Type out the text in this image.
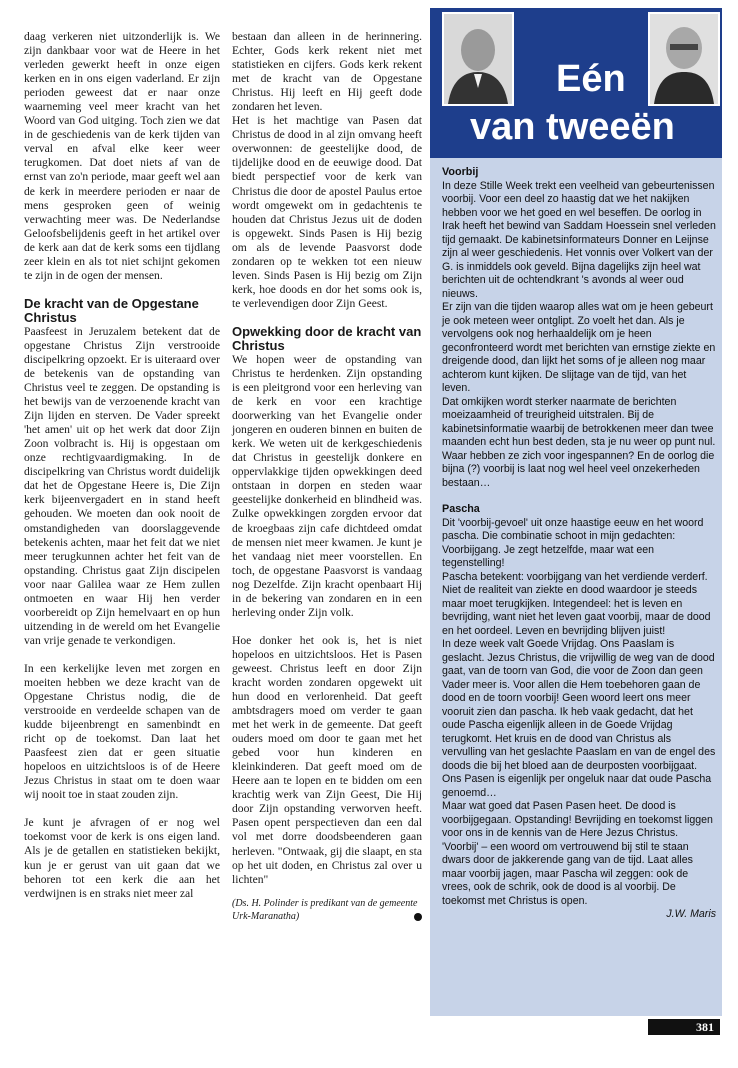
daag verkeren niet uitzonderlijk is. We zijn dankbaar voor wat de Heere in het verleden gewerkt heeft in onze eigen kerken en in ons eigen vaderland. Er zijn perioden geweest dat er naar onze waarneming veel meer kracht van het Woord van God uitging. Toch zien we dat in de geschiedenis van de kerk tijden van verval en afval elke keer weer terugkomen. Dat doet niets af van de ernst van zo'n periode, maar geeft wel aan de kerk in meerdere perioden er naar de mens gesproken geen of weinig verwachting meer was. De Nederlandse Geloofsbelijdenis geeft in het artikel over de kerk aan dat de kerk soms een tijdlang zeer klein en als tot niet schijnt gekomen te zijn in de ogen der mensen.

De kracht van de Opgestane Christus

Paasfeest in Jeruzalem betekent dat de opgestane Christus Zijn verstrooide discipelkring opzoekt. Er is uiteraard over de betekenis van de opstanding van Christus veel te zeggen. De opstanding is het bewijs van de verzoenende kracht van Zijn lijden en sterven. De Vader spreekt 'het amen' uit op het werk dat door Zijn Zoon volbracht is. Hij is opgestaan om onze rechtigvaardigmaking. In de discipelkring van Christus wordt duidelijk dat het de Opgestane Heere is, Die Zijn kerk bijeenvergadert en in stand heeft gehouden. We moeten dan ook nooit de omstandigheden van doorslaggevende betekenis achten, maar het feit dat we niet meer terugkunnen achter het feit van de opstanding. Christus gaat Zijn discipelen voor naar Galilea waar ze Hem zullen ontmoeten en waar Hij hen verder voorbereidt op Zijn hemelvaart en op hun uitzending in de wereld om het Evangelie van vrije genade te verkondigen.

In een kerkelijke leven met zorgen en moeiten hebben we deze kracht van de Opgestane Christus nodig, die de verstrooide en verdeelde schapen van de kudde bijeenbrengt en samenbindt en richt op de toekomst. Dan laat het Paasfeest zien dat er geen situatie hopeloos en uitzichtsloos is of de Heere Jezus Christus in staat om te doen waar wij nooit toe in staat zouden zijn.

Je kunt je afvragen of er nog wel toekomst voor de kerk is ons eigen land. Als je de getallen en statistieken bekijkt, kun je er gerust van uit gaan dat we behoren tot een kerk die aan het verdwijnen is en straks niet meer zal

bestaan dan alleen in de herinnering. Echter, Gods kerk rekent niet met statistieken en cijfers. Gods kerk rekent met de kracht van de Opgestane Christus. Hij leeft en Hij geeft dode zondaren het leven.

Het is het machtige van Pasen dat Christus de dood in al zijn omvang heeft overwonnen: de geestelijke dood, de tijdelijke dood en de eeuwige dood. Dat biedt perspectief voor de kerk van Christus die door de apostel Paulus ertoe wordt omgewekt om in gedachtenis te houden dat Christus Jezus uit de doden is opgewekt. Sinds Pasen is Hij bezig om als de levende Paasvorst dode zondaren op te wekken tot een nieuw leven. Sinds Pasen is Hij bezig om Zijn kerk, hoe doods en dor het soms ook is, te verlevendigen door Zijn Geest.

Opwekking door de kracht van Christus

We hopen weer de opstanding van Christus te herdenken. Zijn opstanding is een pleitgrond voor een herleving van de kerk en voor een krachtige doorwerking van het Evangelie onder jongeren en ouderen binnen en buiten de kerk. We weten uit de kerkgeschiedenis dat Christus in geestelijk donkere en oppervlakkige tijden opwekkingen deed ontstaan in dorpen en steden waar geestelijke donkerheid en blindheid was. Zulke opwekkingen zorgden ervoor dat de kroegbaas zijn cafe dichtdeed omdat de mensen niet meer kwamen. Je kunt je het vandaag niet meer voorstellen. En toch, de opgestane Paasvorst is vandaag nog Dezelfde. Zijn kracht openbaart Hij in de bekering van zondaren en in een herleving onder Zijn volk.

Hoe donker het ook is, het is niet hopeloos en uitzichtsloos. Het is Pasen geweest. Christus leeft en door Zijn kracht worden zondaren opgewekt uit hun dood en verlorenheid. Dat geeft ambtsdragers moed om verder te gaan met het werk in de gemeente. Dat geeft ouders moed om door te gaan met het gebed voor hun kinderen en kleinkinderen. Dat geeft moed om de Heere aan te lopen en te bidden om een krachtig werk van Zijn Geest, Die Hij door Zijn opstanding verworven heeft. Pasen opent perspectieven dan een dal vol met dorre doodsbeenderen gaan herleven. "Ontwaak, gij die slaapt, en sta op het uit doden, en Christus zal over u lichten"

(Ds. H. Polinder is predikant van de gemeente Urk-Maranatha)
Eén
van tweeën
Voorbij

In deze Stille Week trekt een veelheid van gebeurtenissen voorbij. Voor een deel zo haastig dat we het nakijken hebben voor we het goed en wel beseffen. De oorlog in Irak heeft het bewind van Saddam Hoessein snel verleden tijd gemaakt. De kabinetsinformateurs Donner en Leijnse zijn al weer geschiedenis. Het vonnis over Volkert van der G. is inmiddels ook geveld. Bijna dagelijks zijn heel wat berichten uit de ochtendkrant 's avonds al weer oud nieuws.

Er zijn van die tijden waarop alles wat om je heen gebeurt je ook meteen weer ontglipt. Zo voelt het dan. Als je vervolgens ook nog herhaaldelijk om je heen geconfronteerd wordt met berichten van ernstige ziekte en dreigende dood, dan lijkt het soms of je alleen nog maar achterom kunt kijken. De slijtage van de tijd, van het leven.

Dat omkijken wordt sterker naarmate de berichten moeizaamheid of treurigheid uitstralen. Bij de kabinetsinformatie waarbij de betrokkenen meer dan twee maanden echt hun best deden, sta je nu weer op punt nul. Waar hebben ze zich voor ingespannen? En de oorlog die bijna (?) voorbij is laat nog wel heel veel onzekerheden bestaan…

Pascha

Dit 'voorbij-gevoel' uit onze haastige eeuw en het woord pascha. Die combinatie schoot in mijn gedachten: Voorbijgang. Je zegt hetzelfde, maar wat een tegenstelling!

Pascha betekent: voorbijgang van het verdiende verderf. Niet de realiteit van ziekte en dood waardoor je steeds maar moet terugkijken. Integendeel: het is leven en bevrijding, want niet het leven gaat voorbij, maar de dood en het oordeel. Leven en bevrijding blijven juist!

In deze week valt Goede Vrijdag. Ons Paaslam is geslacht. Jezus Christus, die vrijwillig de weg van de dood gaat, van de toorn van God, die voor de Zoon dan geen Vader meer is. Voor allen die Hem toebehoren gaan de dood en de toorn voorbij! Geen woord leert ons meer vooruit zien dan pascha. Ik heb vaak gedacht, dat het oude Pascha eigenlijk alleen in de Goede Vrijdag terugkomt. Het kruis en de dood van Christus als vervulling van het geslachte Paaslam en van de engel des doods die bij het bloed aan de deurposten voorbijgaat. Ons Pasen is eigenlijk per ongeluk naar dat oude Pascha genoemd…

Maar wat goed dat Pasen Pasen heet. De dood is voorbijgegaan. Opstanding! Bevrijding en toekomst liggen voor ons in de kennis van de Here Jezus Christus. 'Voorbij' – een woord om vertrouwend bij stil te staan dwars door de jakkerende gang van de tijd. Laat alles maar voorbij jagen, maar Pascha wil zeggen: ook de vrees, ook de schrik, ook de dood is al voorbij. De toekomst met Christus is open.

J.W. Maris

381
